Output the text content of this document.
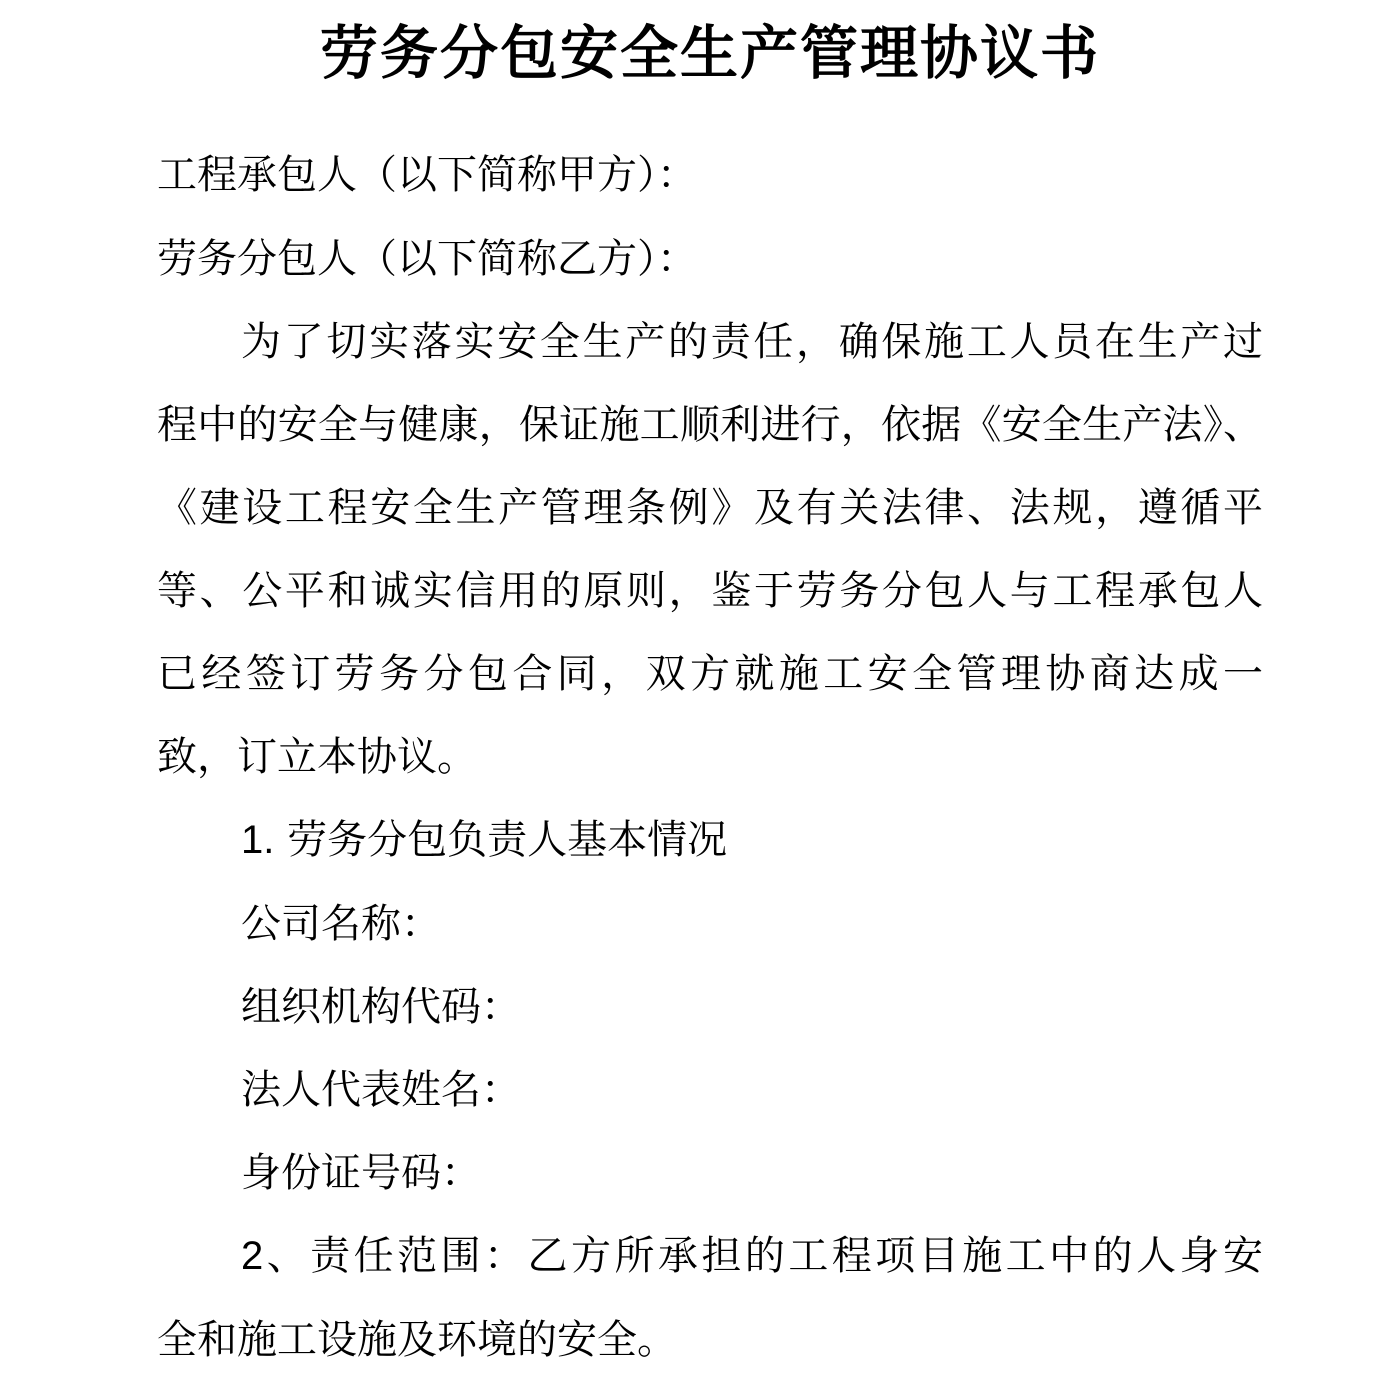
劳务分包安全生产管理协议书
工程承包人（以下简称甲方）：
劳务分包人（以下简称乙方）：
为了切实落实安全生产的责任，确保施工人员在生产过
程中的安全与健康，保证施工顺利进行，依据《安全生产法》、
《建设工程安全生产管理条例》及有关法律、法规，遵循平
等、公平和诚实信用的原则，鉴于劳务分包人与工程承包人
已经签订劳务分包合同，双方就施工安全管理协商达成一
致，订立本协议。
1. 劳务分包负责人基本情况
公司名称：
组织机构代码：
法人代表姓名：
身份证号码：
2、责任范围：乙方所承担的工程项目施工中的人身安
全和施工设施及环境的安全。
